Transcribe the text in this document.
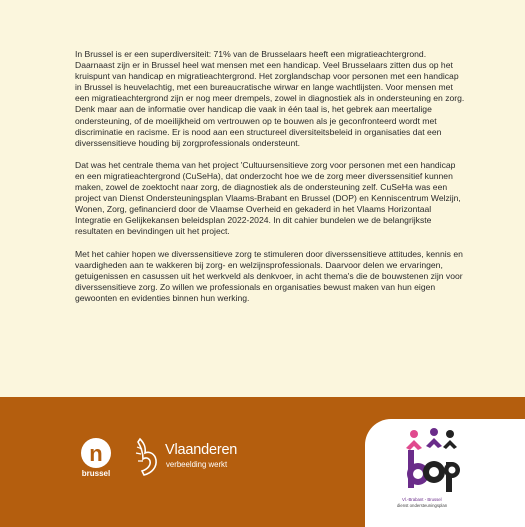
In Brussel is er een superdiversiteit: 71% van de Brusselaars heeft een migratieachtergrond. Daarnaast zijn er in Brussel heel wat mensen met een handicap. Veel Brusselaars zitten dus op het kruispunt van handicap en migratieachtergrond. Het zorglandschap voor personen met een handicap in Brussel is heuvelachtig, met een bureaucratische wirwar en lange wachtlijsten. Voor mensen met een migratieachtergrond zijn er nog meer drempels, zowel in diagnostiek als in ondersteuning en zorg. Denk maar aan de informatie over handicap die vaak in één taal is, het gebrek aan meertalige ondersteuning, of de moeilijkheid om vertrouwen op te bouwen als je geconfronteerd wordt met discriminatie en racisme. Er is nood aan een structureel diversiteitsbeleid in organisaties dat een diverssensitieve houding bij zorgprofessionals ondersteunt.

Dat was het centrale thema van het project 'Cultuursensitieve zorg voor personen met een handicap en een migratieachtergrond (CuSeHa), dat onderzocht hoe we de zorg meer diverssensitief kunnen maken, zowel de zoektocht naar zorg, de diagnostiek als de ondersteuning zelf. CuSeHa was een project van Dienst Ondersteuningsplan Vlaams-Brabant en Brussel (DOP) en Kenniscentrum Welzijn, Wonen, Zorg, gefinancierd door de Vlaamse Overheid en gekaderd in het Vlaams Horizontaal Integratie en Gelijkekansen beleidsplan 2022-2024. In dit cahier bundelen we de belangrijkste resultaten en bevindingen uit het project.

Met het cahier hopen we diverssensitieve zorg te stimuleren door diverssensitieve attitudes, kennis en vaardigheden aan te wakkeren bij zorg- en welzijnsprofessionals. Daarvoor delen we ervaringen, getuigenissen en casussen uit het werkveld als denkvoer, in acht thema's die de bouwstenen zijn voor diverssensitieve zorg. Zo willen we professionals en organisaties bewust maken van hun eigen gewoonten en evidenties binnen hun werking.

n
brussel
Vlaanderen
verbeelding werkt
Vl.-Brabant - Brussel
dienst ondersteuningsplan
